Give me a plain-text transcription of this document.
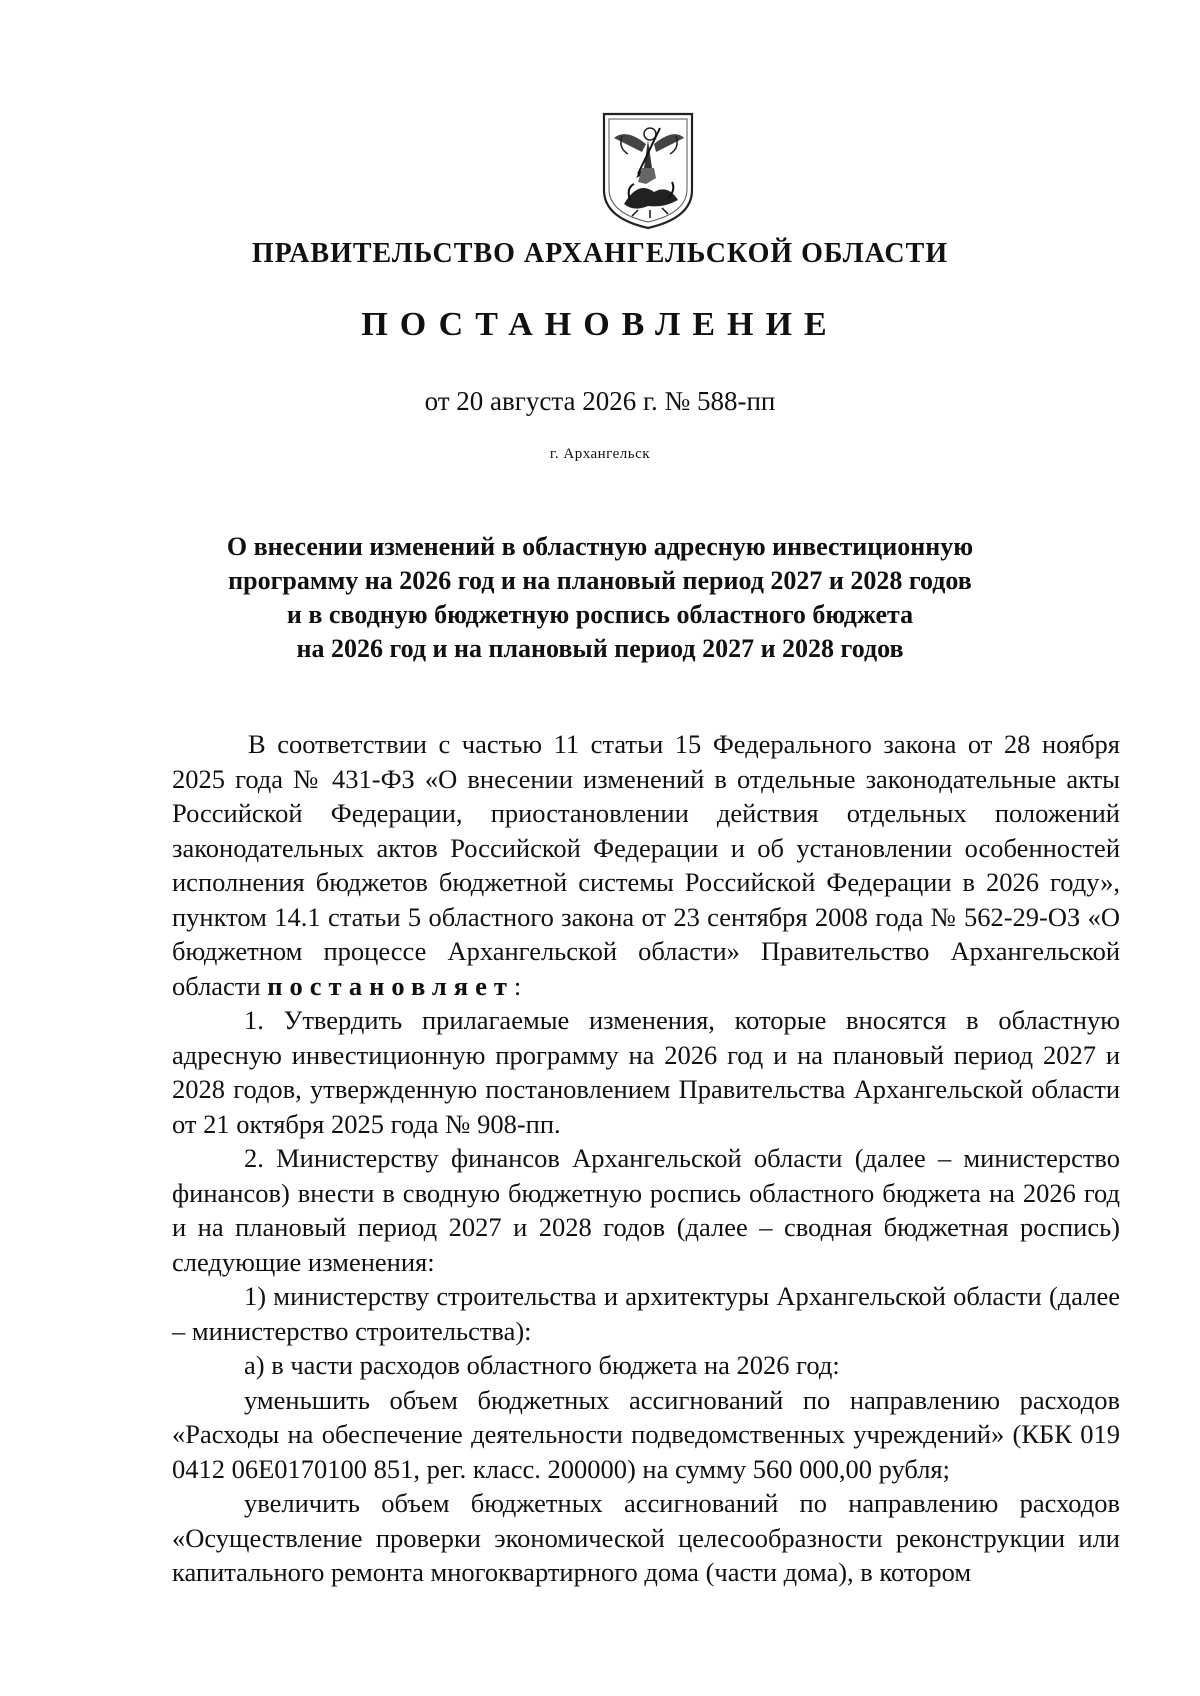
ПРАВИТЕЛЬСТВО АРХАНГЕЛЬСКОЙ ОБЛАСТИ
ПОСТАНОВЛЕНИЕ
от 20 августа 2026 г. № 588-пп
г. Архангельск
О внесении изменений в областную адресную инвестиционную
программу на 2026 год и на плановый период 2027 и 2028 годов
и в сводную бюджетную роспись областного бюджета
на 2026 год и на плановый период 2027 и 2028 годов

В соответствии с частью 11 статьи 15 Федерального закона от 28 ноября 2025 года № 431-ФЗ «О внесении изменений в отдельные законодательные акты Российской Федерации, приостановлении действия отдельных положений законодательных актов Российской Федерации и об установлении особенностей исполнения бюджетов бюджетной системы Российской Федерации в 2026 году», пунктом 14.1 статьи 5 областного закона от 23 сентября 2008 года № 562-29-ОЗ «О бюджетном процессе Архангельской области» Правительство Архангельской области постановляет:

1. Утвердить прилагаемые изменения, которые вносятся в областную адресную инвестиционную программу на 2026 год и на плановый период 2027 и 2028 годов, утвержденную постановлением Правительства Архангельской области от 21 октября 2025 года № 908-пп.

2. Министерству финансов Архангельской области (далее – министерство финансов) внести в сводную бюджетную роспись областного бюджета на 2026 год и на плановый период 2027 и 2028 годов (далее – сводная бюджетная роспись) следующие изменения:

1) министерству строительства и архитектуры Архангельской области (далее – министерство строительства):

а) в части расходов областного бюджета на 2026 год:

уменьшить объем бюджетных ассигнований по направлению расходов «Расходы на обеспечение деятельности подведомственных учреждений» (КБК 019 0412 06Е0170100 851, рег. класс. 200000) на сумму 560 000,00 рубля;

увеличить объем бюджетных ассигнований по направлению расходов «Осуществление проверки экономической целесообразности реконструкции или капитального ремонта многоквартирного дома (части дома), в котором
